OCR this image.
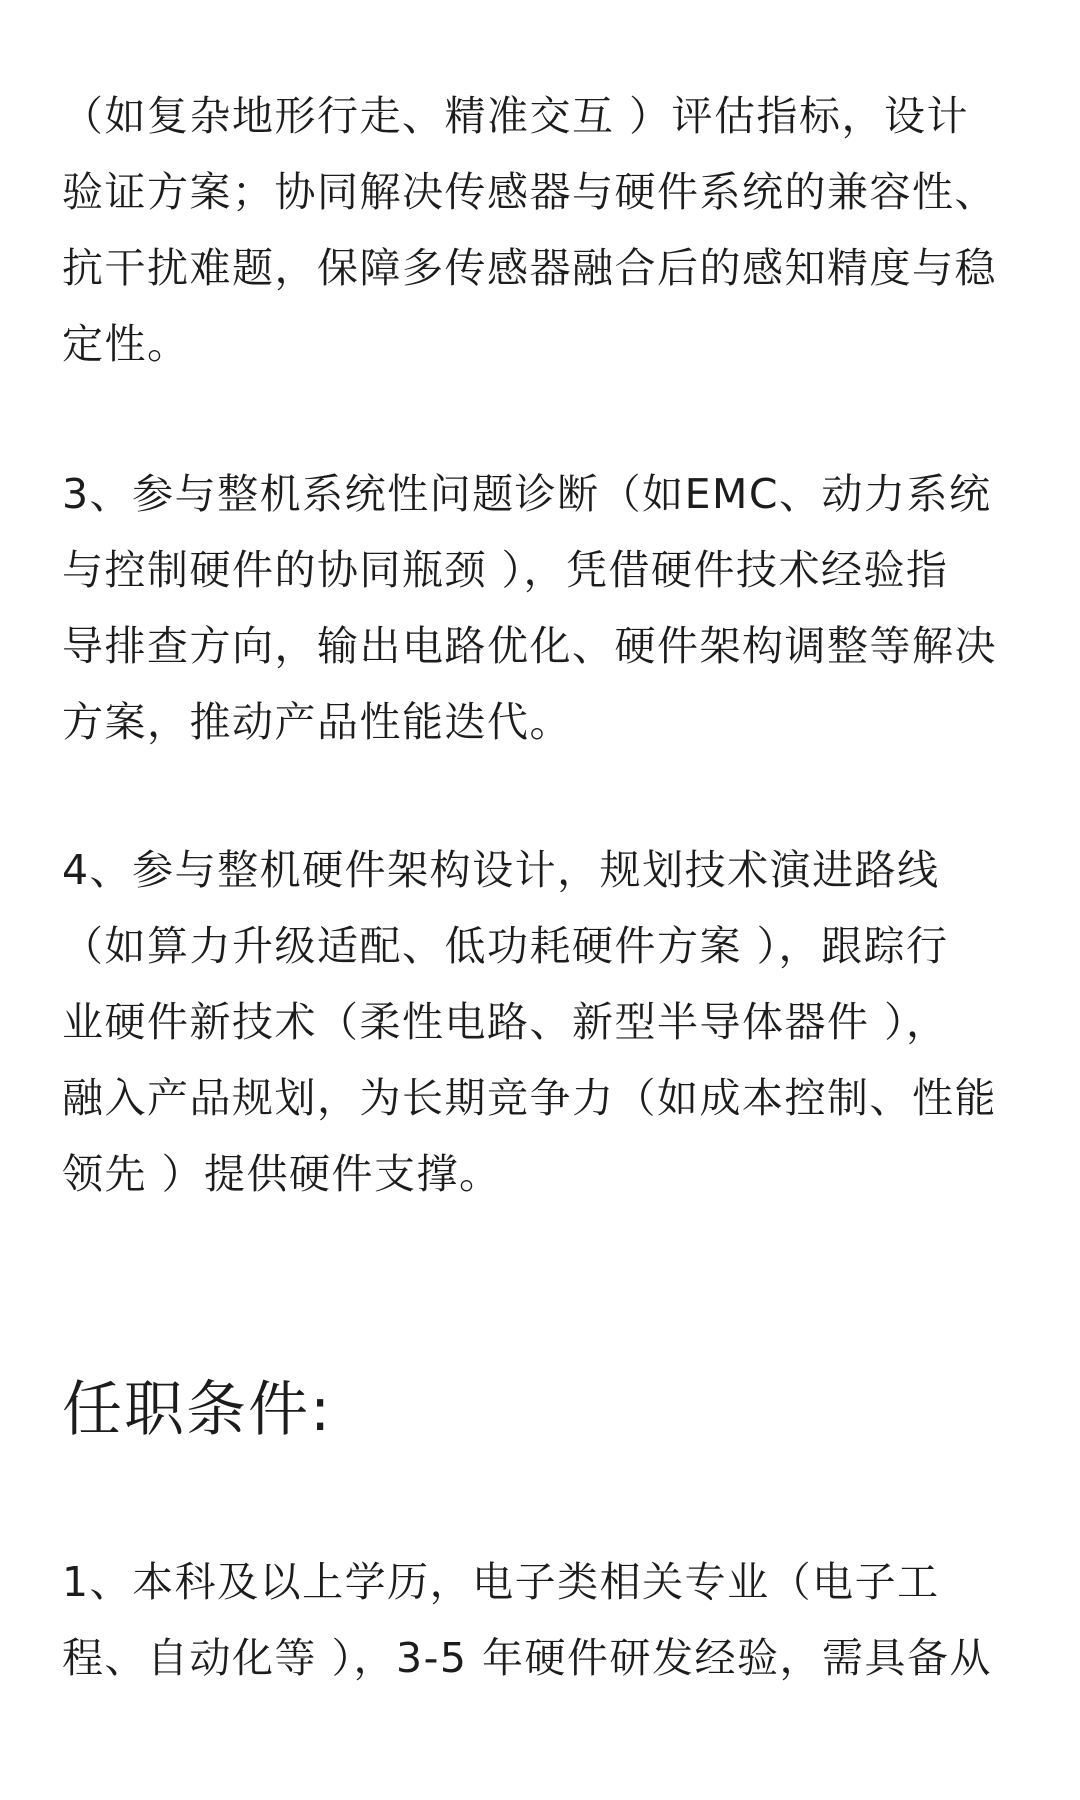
（如复杂地形行走、精准交互 ）评估指标，设计
验证方案；协同解决传感器与硬件系统的兼容性、
抗干扰难题，保障多传感器融合后的感知精度与稳
定性。
3、参与整机系统性问题诊断（如EMC、动力系统
与控制硬件的协同瓶颈 ），凭借硬件技术经验指
导排查方向，输出电路优化、硬件架构调整等解决
方案，推动产品性能迭代。
4、参与整机硬件架构设计，规划技术演进路线
（如算力升级适配、低功耗硬件方案 ），跟踪行
业硬件新技术（柔性电路、新型半导体器件 ），
融入产品规划，为长期竞争力（如成本控制、性能
领先 ）提供硬件支撑。
任职条件:
1、本科及以上学历，电子类相关专业（电子工
程、自动化等 ），3-5 年硬件研发经验，需具备从
